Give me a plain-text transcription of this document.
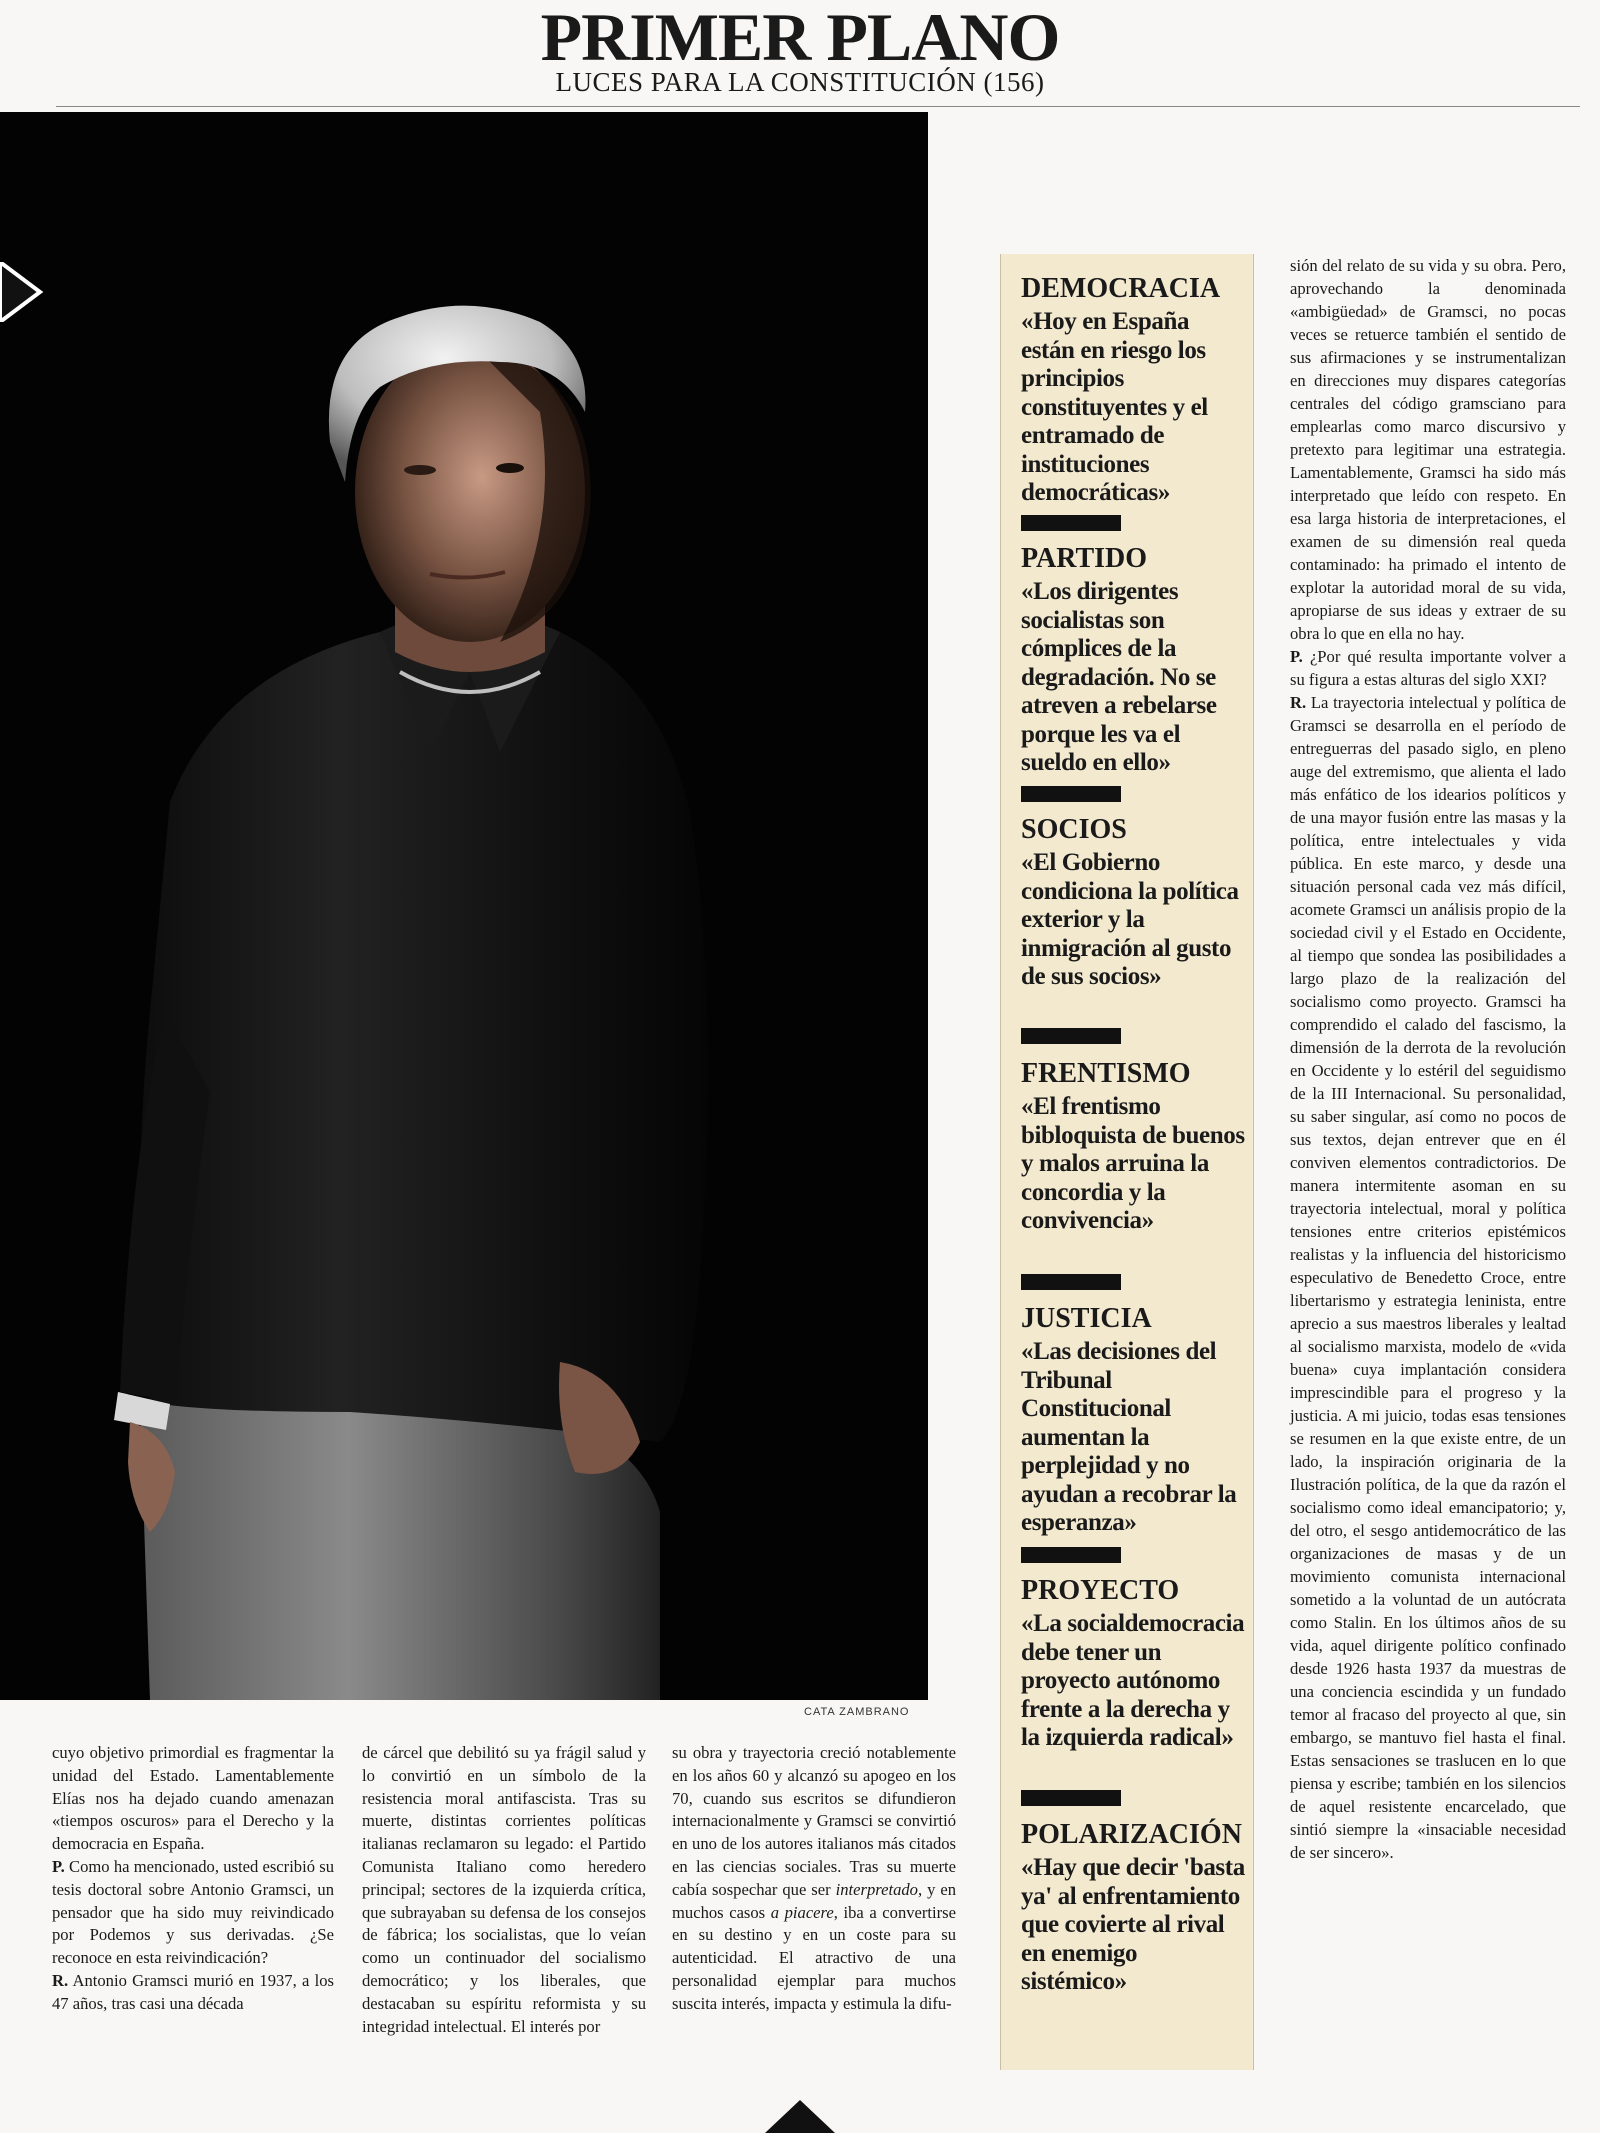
PRIMER PLANO
LUCES PARA LA CONSTITUCIÓN (156)
CATA ZAMBRANO
DEMOCRACIA
«Hoy en España están en riesgo los principios constituyentes y el entramado de instituciones democráticas»
PARTIDO
«Los dirigentes socialistas son cómplices de la degradación. No se atreven a rebelarse porque les va el sueldo en ello»
SOCIOS
«El Gobierno condiciona la política exterior y la inmigración al gusto de sus socios»
FRENTISMO
«El frentismo bibloquista de buenos y malos arruina la concordia y la convivencia»
JUSTICIA
«Las decisiones del Tribunal Constitucional aumentan la perplejidad y no ayudan a recobrar la esperanza»
PROYECTO
«La socialdemocracia debe tener un proyecto autónomo frente a la derecha y la izquierda radical»
POLARIZACIÓN
«Hay que decir 'basta ya' al enfrentamiento que covierte al rival en enemigo sistémico»

cuyo objetivo primordial es fragmentar la unidad del Estado. Lamentablemente Elías nos ha dejado cuando amenazan «tiempos oscuros» para el Derecho y la democracia en España.

P. Como ha mencionado, usted escribió su tesis doctoral sobre Antonio Gramsci, un pensador que ha sido muy reivindicado por Podemos y sus derivadas. ¿Se reconoce en esta reivindicación?

R. Antonio Gramsci murió en 1937, a los 47 años, tras casi una década

de cárcel que debilitó su ya frágil salud y lo convirtió en un símbolo de la resistencia moral antifascista. Tras su muerte, distintas corrientes políticas italianas reclamaron su legado: el Partido Comunista Italiano como heredero principal; sectores de la izquierda crítica, que subrayaban su defensa de los consejos de fábrica; los socialistas, que lo veían como un continuador del socialismo democrático; y los liberales, que destacaban su espíritu reformista y su integridad intelectual. El interés por

su obra y trayectoria creció notablemente en los años 60 y alcanzó su apogeo en los 70, cuando sus escritos se difundieron internacionalmente y Gramsci se convirtió en uno de los autores italianos más citados en las ciencias sociales. Tras su muerte cabía sospechar que ser interpretado, y en muchos casos a piacere, iba a convertirse en su destino y en un coste para su autenticidad. El atractivo de una personalidad ejemplar para muchos suscita interés, impacta y estimula la difu-

sión del relato de su vida y su obra. Pero, aprovechando la denominada «ambigüedad» de Gramsci, no pocas veces se retuerce también el sentido de sus afirmaciones y se instrumentalizan en direcciones muy dispares categorías centrales del código gramsciano para emplearlas como marco discursivo y pretexto para legitimar una estrategia. Lamentablemente, Gramsci ha sido más interpretado que leído con respeto. En esa larga historia de interpretaciones, el examen de su dimensión real queda contaminado: ha primado el intento de explotar la autoridad moral de su vida, apropiarse de sus ideas y extraer de su obra lo que en ella no hay.

P. ¿Por qué resulta importante volver a su figura a estas alturas del siglo XXI?

R. La trayectoria intelectual y política de Gramsci se desarrolla en el período de entreguerras del pasado siglo, en pleno auge del extremismo, que alienta el lado más enfático de los idearios políticos y de una mayor fusión entre las masas y la política, entre intelectuales y vida pública. En este marco, y desde una situación personal cada vez más difícil, acomete Gramsci un análisis propio de la sociedad civil y el Estado en Occidente, al tiempo que sondea las posibilidades a largo plazo de la realización del socialismo como proyecto. Gramsci ha comprendido el calado del fascismo, la dimensión de la derrota de la revolución en Occidente y lo estéril del seguidismo de la III Internacional. Su personalidad, su saber singular, así como no pocos de sus textos, dejan entrever que en él conviven elementos contradictorios. De manera intermitente asoman en su trayectoria intelectual, moral y política tensiones entre criterios epistémicos realistas y la influencia del historicismo especulativo de Benedetto Croce, entre libertarismo y estrategia leninista, entre aprecio a sus maestros liberales y lealtad al socialismo marxista, modelo de «vida buena» cuya implantación considera imprescindible para el progreso y la justicia. A mi juicio, todas esas tensiones se resumen en la que existe entre, de un lado, la inspiración originaria de la Ilustración política, de la que da razón el socialismo como ideal emancipatorio; y, del otro, el sesgo antidemocrático de las organizaciones de masas y de un movimiento comunista internacional sometido a la voluntad de un autócrata como Stalin. En los últimos años de su vida, aquel dirigente político confinado desde 1926 hasta 1937 da muestras de una conciencia escindida y un fundado temor al fracaso del proyecto al que, sin embargo, se mantuvo fiel hasta el final. Estas sensaciones se traslucen en lo que piensa y escribe; también en los silencios de aquel resistente encarcelado, que sintió siempre la «insaciable necesidad de ser sincero».
